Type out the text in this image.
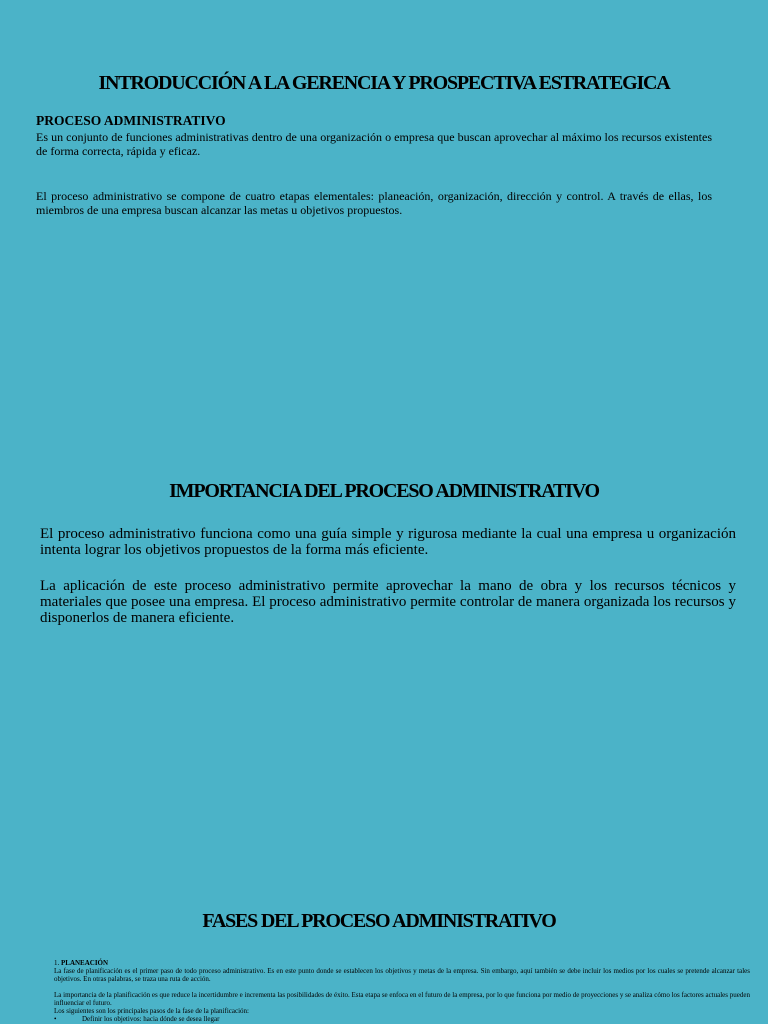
INTRODUCCIÓN A LA GERENCIA Y PROSPECTIVA ESTRATEGICA
PROCESO ADMINISTRATIVO

Es un conjunto de funciones administrativas dentro de una organización o empresa que buscan aprovechar al máximo los recursos existentes de forma correcta, rápida y eficaz.

El proceso administrativo se compone de cuatro etapas elementales: planeación, organización, dirección y control. A través de ellas, los miembros de una empresa buscan alcanzar las metas u objetivos propuestos.

IMPORTANCIA DEL PROCESO ADMINISTRATIVO

El proceso administrativo funciona como una guía simple y rigurosa mediante la cual una empresa u organización intenta lograr los objetivos propuestos de la forma más eficiente.

La aplicación de este proceso administrativo permite aprovechar la mano de obra y los recursos técnicos y materiales que posee una empresa. El proceso administrativo permite controlar de manera organizada los recursos y disponerlos de manera eficiente.

FASES DEL PROCESO ADMINISTRATIVO

1. PLANEACIÓN

La fase de planificación es el primer paso de todo proceso administrativo. Es en este punto donde se establecen los objetivos y metas de la empresa. Sin embargo, aquí también se debe incluir los medios por los cuales se pretende alcanzar tales objetivos. En otras palabras, se traza una ruta de acción.

La importancia de la planificación es que reduce la incertidumbre e incrementa las posibilidades de éxito. Esta etapa se enfoca en el futuro de la empresa, por lo que funciona por medio de proyecciones y se analiza cómo los factores actuales pueden influenciar el futuro.

Los siguientes son los principales pasos de la fase de la planificación:

•	Definir los objetivos: hacia dónde se desea llegar
